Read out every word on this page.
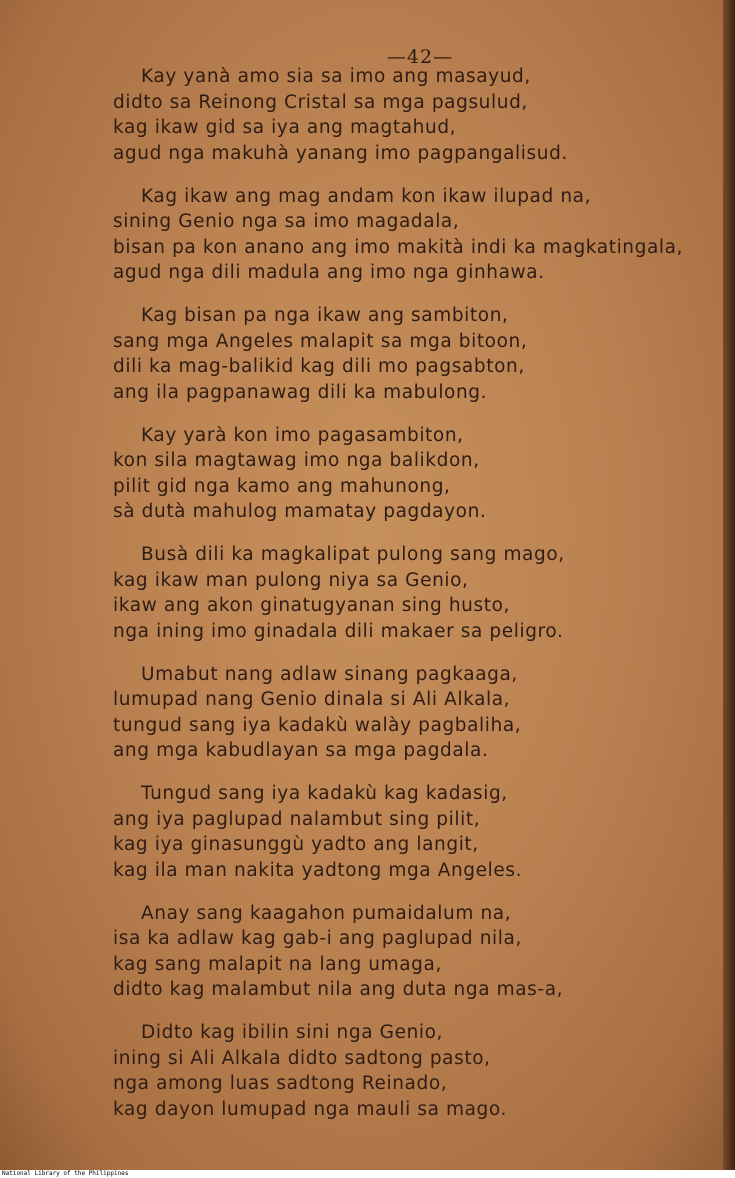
—42—
Kay yanà amo sia sa imo ang masayud,
didto sa Reinong Cristal sa mga pagsulud,
kag ikaw gid sa iya ang magtahud,
agud nga makuhà yanang imo pagpangalisud.
Kag ikaw ang mag andam kon ikaw ilupad na,
sining Genio nga sa imo magadala,
bisan pa kon anano ang imo makità indi ka magkatingala,
agud nga dili madula ang imo nga ginhawa.
Kag bisan pa nga ikaw ang sambiton,
sang mga Angeles malapit sa mga bitoon,
dili ka mag-balikid kag dili mo pagsabton,
ang ila pagpanawag dili ka mabulong.
Kay yarà kon imo pagasambiton,
kon sila magtawag imo nga balikdon,
pilit gid nga kamo ang mahunong,
sà dutà mahulog mamatay pagdayon.
Busà dili ka magkalipat pulong sang mago,
kag ikaw man pulong niya sa Genio,
ikaw ang akon ginatugyanan sing husto,
nga ining imo ginadala dili makaer sa peligro.
Umabut nang adlaw sinang pagkaaga,
lumupad nang Genio dinala si Ali Alkala,
tungud sang iya kadakù walày pagbaliha,
ang mga kabudlayan sa mga pagdala.
Tungud sang iya kadakù kag kadasig,
ang iya paglupad nalambut sing pilit,
kag iya ginasunggù yadto ang langit,
kag ila man nakita yadtong mga Angeles.
Anay sang kaagahon pumaidalum na,
isa ka adlaw kag gab-i ang paglupad nila,
kag sang malapit na lang umaga,
didto kag malambut nila ang duta nga mas-a,
Didto kag ibilin sini nga Genio,
ining si Ali Alkala didto sadtong pasto,
nga among luas sadtong Reinado,
kag dayon lumupad nga mauli sa mago.
National Library of the Philippines
